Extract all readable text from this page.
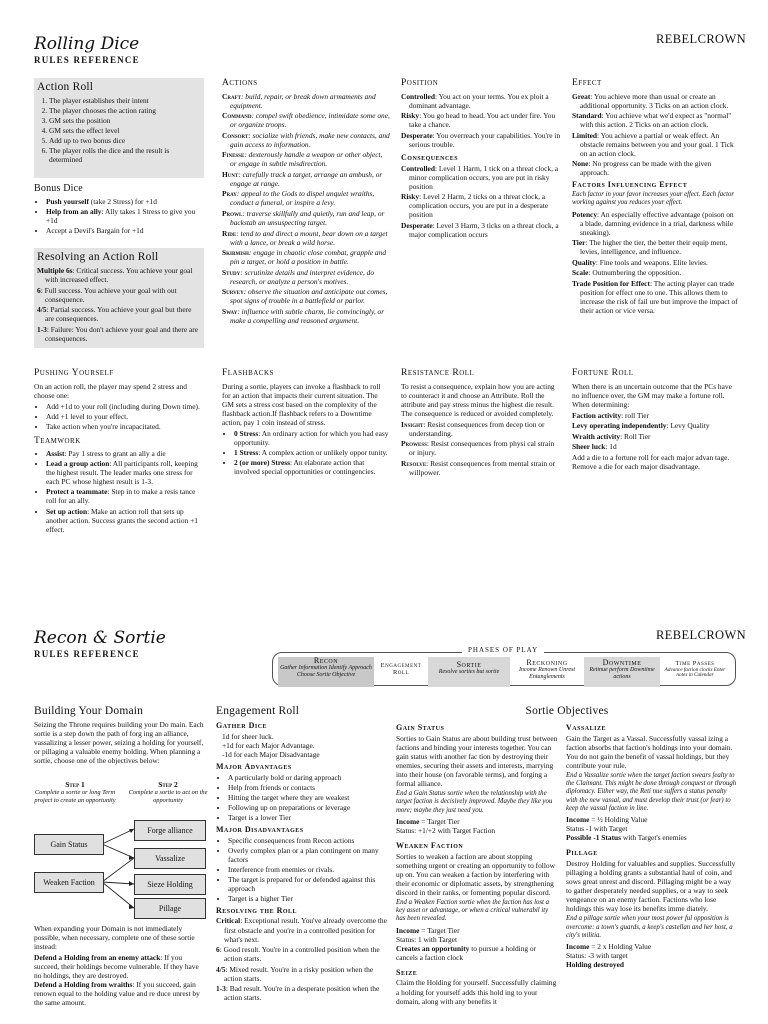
Rolling Dice
RULES REFERENCE
REBELCROWN
Action Roll
1. The player establishes their intent
2. The player chooses the action rating
3. GM sets the position
4. GM sets the effect level
5. Add up to two bonus dice
6. The player rolls the dice and the result is determined
Bonus Dice
• Push yourself (take 2 Stress) for +1d
• Help from an ally: Ally takes 1 Stress to give you +1d
• Accept a Devil's Bargain for +1d
Resolving an Action Roll
Multiple 6s: Critical success. You achieve your goal with increased effect.
6: Full success. You achieve your goal with out consequence.
4/5: Partial success. You achieve your goal but there are consequences.
1-3: Failure: You don't achieve your goal and there are consequences.
Actions
Craft: build, repair, or break down armaments and equipment.
Command: compel swift obedience, intimidate some one, or organize troops.
Consort: socialize with friends, make new contacts, and gain access to information.
Finesse: dexterously handle a weapon or other object, or engage in subtle misdirection.
Hunt: carefully track a target, arrange an ambush, or engage at range.
Pray: appeal to the Gods to dispel unquiet wraiths, conduct a funeral, or inspire a levy.
Prowl: traverse skillfully and quietly, run and leap, or backstab an unsuspecting target.
Ride: tend to and direct a mount, bear down on a target with a lance, or break a wild horse.
Skirmish: engage in chaotic close combat, grapple and pin a target, or hold a position in battle.
Study: scrutinize details and interpret evidence, do research, or analyze a person's motives.
Survey: observe the situation and anticipate out comes, spot signs of trouble in a battlefield or parlor.
Sway: influence with subtle charm, lie convincingly, or make a compelling and reasoned argument.
Position
Controlled: You act on your terms. You ex ploit a dominant advantage.
Risky: You go head to head. You act under fire. You take a chance.
Desperate: You overreach your capabilities. You're in serious trouble.
Consequences
Controlled: Level 1 Harm, 1 tick on a threat clock, a minor complication occurs, you are put in risky position
Risky: Level 2 Harm, 2 ticks on a threat clock, a complication occurs, you are put in a desperate position
Desperate: Level 3 Harm, 3 ticks on a threat clock, a major complication occurs
Effect
Great: You achieve more than usual or create an additional opportunity. 3 Ticks on an action clock.
Standard: You achieve what we'd expect as "normal" with this action. 2 Ticks on an action clock.
Limited: You achieve a partial or weak effect. An obstacle remains between you and your goal. 1 Tick on an action clock.
None: No progress can be made with the given approach.
Factors Influencing Effect

Each factor in your favor increases your effect. Each factor working against you reduces your effect.

Potency: An especially effective advantage (poison on a blade, damning evidence in a trial, darkness while sneaking).
Tier: The higher the tier, the better their equip ment, levies, intelligence, and influence.
Quality: Fine tools and weapons. Elite levies.
Scale: Outnumbering the opposition.
Trade Position for Effect: The acting player can trade position for effect one to one. This allows them to increase the risk of fail ure but improve the impact of their action or vice versa.
Pushing Yourself

On an action roll, the player may spend 2 stress and choose one:

• Add +1d to your roll (including during Down time).
• Add +1 level to your effect.
• Take action when you're incapacitated.
Teamwork
• Assist: Pay 1 stress to grant an ally a die
• Lead a group action: All participants roll, keeping the highest result. The leader marks one stress for each PC whose highest result is 1-3.
• Protect a teammate: Step in to make a resis tance roll for an ally.
• Set up action: Make an action roll that sets up another action. Success grants the second action +1 effect.
Flashbacks

During a sortie, players can invoke a flashback to roll for an action that impacts their current situation. The GM sets a stress cost based on the complexity of the flashback action.If flashback refers to a Downtime action, pay 1 coin instead of stress.

• 0 Stress: An ordinary action for which you had easy opportunity.
• 1 Stress: A complex action or unlikely oppor tunity.
• 2 (or more) Stress: An elaborate action that involved special opportunities or contingencies.
Resistance Roll

To resist a consequence, explain how you are acting to counteract it and choose an Attribute. Roll the attribute and pay stress minus the highest die result. The consequence is reduced or avoided completely.

Insight: Resist consequences from decep tion or understanding.
Prowess: Resist consequences from physi cal strain or injury.
Resolve: Resist consequences from mental strain or willpower.
Fortune Roll

When there is an uncertain outcome that the PCs have no influence over, the GM may make a fortune roll. When determining:

Faction activity: roll Tier
Levy operating independently: Levy Quality
Wraith activity: Roll Tier
Sheer luck: 1d

Add a die to a fortune roll for each major advan tage. Remove a die for each major disadvantage.

Recon & Sortie
RULES REFERENCE
REBELCROWN
PHASES OF PLAY
Recon
Gather Information Identify Approach Choose Sortie Objective
Engagement Roll
Sortie
Resolve sorties but sortie
Reckoning
Income Renown Unrest Entanglements
Downtime
Retinue perform Downtime actions
Time Passes
Advance faction clocks Enter notes in Calendar
Building Your Domain

Seizing the Throne requires building your Do main. Each sortie is a step down the path of forg ing an alliance, vassalizing a lesser power, seizing a holding for yourself, or pillaging a valuable enemy holding. When planning a sortie, choose one of the objectives below:

Step 1
Complete a sortie or long Term project to create an opportunity
Step 2
Complete a sortie to act on the opportunity
Gain Status
Weaken Faction
Forge alliance
Vassalize
Sieze Holding
Pillage

When expanding your Domain is not immediately possible, when necessary, complete one of these sortie instead:

Defend a Holding from an enemy attack: If you succeed, their holdings become vulnerable. If they have no holdings, they are destroyed.
Defend a Holding from wraiths: If you succeed, gain renown equal to the holding value and re duce unrest by the same amount.
Engagement Roll
Gather Dice
1d for sheer luck.
+1d for each Major Advantage.
-1d for each Major Disadvantage
Major Advantages
• A particularly bold or daring approach
• Help from friends or contacts
• Hitting the target where they are weakest
• Following up on preparations or leverage
• Target is a lower Tier
Major Disadvantages
• Specific consequences from Recon actions
• Overly complex plan or a plan contingent on many factors
• Interference from enemies or rivals.
• The target is prepared for or defended against this approach
• Target is a higher Tier
Resolving the Roll
Critical: Exceptional result. You've already overcome the first obstacle and you're in a controlled position for what's next.
6: Good result. You're in a controlled position when the action starts.
4/5: Mixed result. You're in a risky position when the action starts.
1-3: Bad result. You're in a desperate position when the action starts.
Sortie Objectives
Gain Status

Sorties to Gain Status are about building trust between factions and binding your interests together. You can gain status with another fac tion by destroying their enemies, securing their assets and interests, marrying into their house (on favorable terms), and forging a formal alliance.

End a Gain Status sortie when the relationship with the target faction is decisively improved. Maybe they like you more; maybe they just need you.

Income = Target Tier
Status: +1/+2 with Target Faction
Weaken Faction

Sorties to weaken a faction are about stopping something urgent or creating an opportunity to follow up on. You can weaken a faction by interfering with their economic or diplomatic assets, by strengthening discord in their ranks, or fomenting popular discord.

End a Weaken Faction sortie when the faction has lost a key asset or advantage, or when a critical vulnerabil ity has been revealed.

Income = Target Tier
Status: 1 with Target
Creates an opportunity to pursue a holding or cancels a faction clock
Seize

Claim the Holding for yourself. Successfully claiming a holding for yourself adds this hold ing to your domain, along with any benefits it

Vassalize

Gain the Target as a Vassal. Successfully vassal izing a faction absorbs that faction's holdings into your domain. You do not gain the benefit of vassal holdings, but they contribute your rule.

End a Vassalize sortie when the target faction swears fealty to the Claimant. This might be done through conquest or through diplomacy. Either way, the Reti nue suffers a status penalty with the new vassal, and must develop their trust (or fear) to keep the vassal faction in line.

Income = ½ Holding Value
Status -1 with Target
Possible -1 Status with Target's enemies
Pillage

Destroy Holding for valuables and supplies. Successfully pillaging a holding grants a substantial haul of coin, and sows great unrest and discord. Pillaging might be a way to gather desperately needed supplies, or a way to seek vengeance on an enemy faction. Factions who lose holdings this way lose its benefits imme diately.

End a pillage sortie when your most power ful opposition is overcome: a town's guards, a keep's castellan and her host, a city's militia.

Income = 2 x Holding Value
Status: -3 with target
Holding destroyed
